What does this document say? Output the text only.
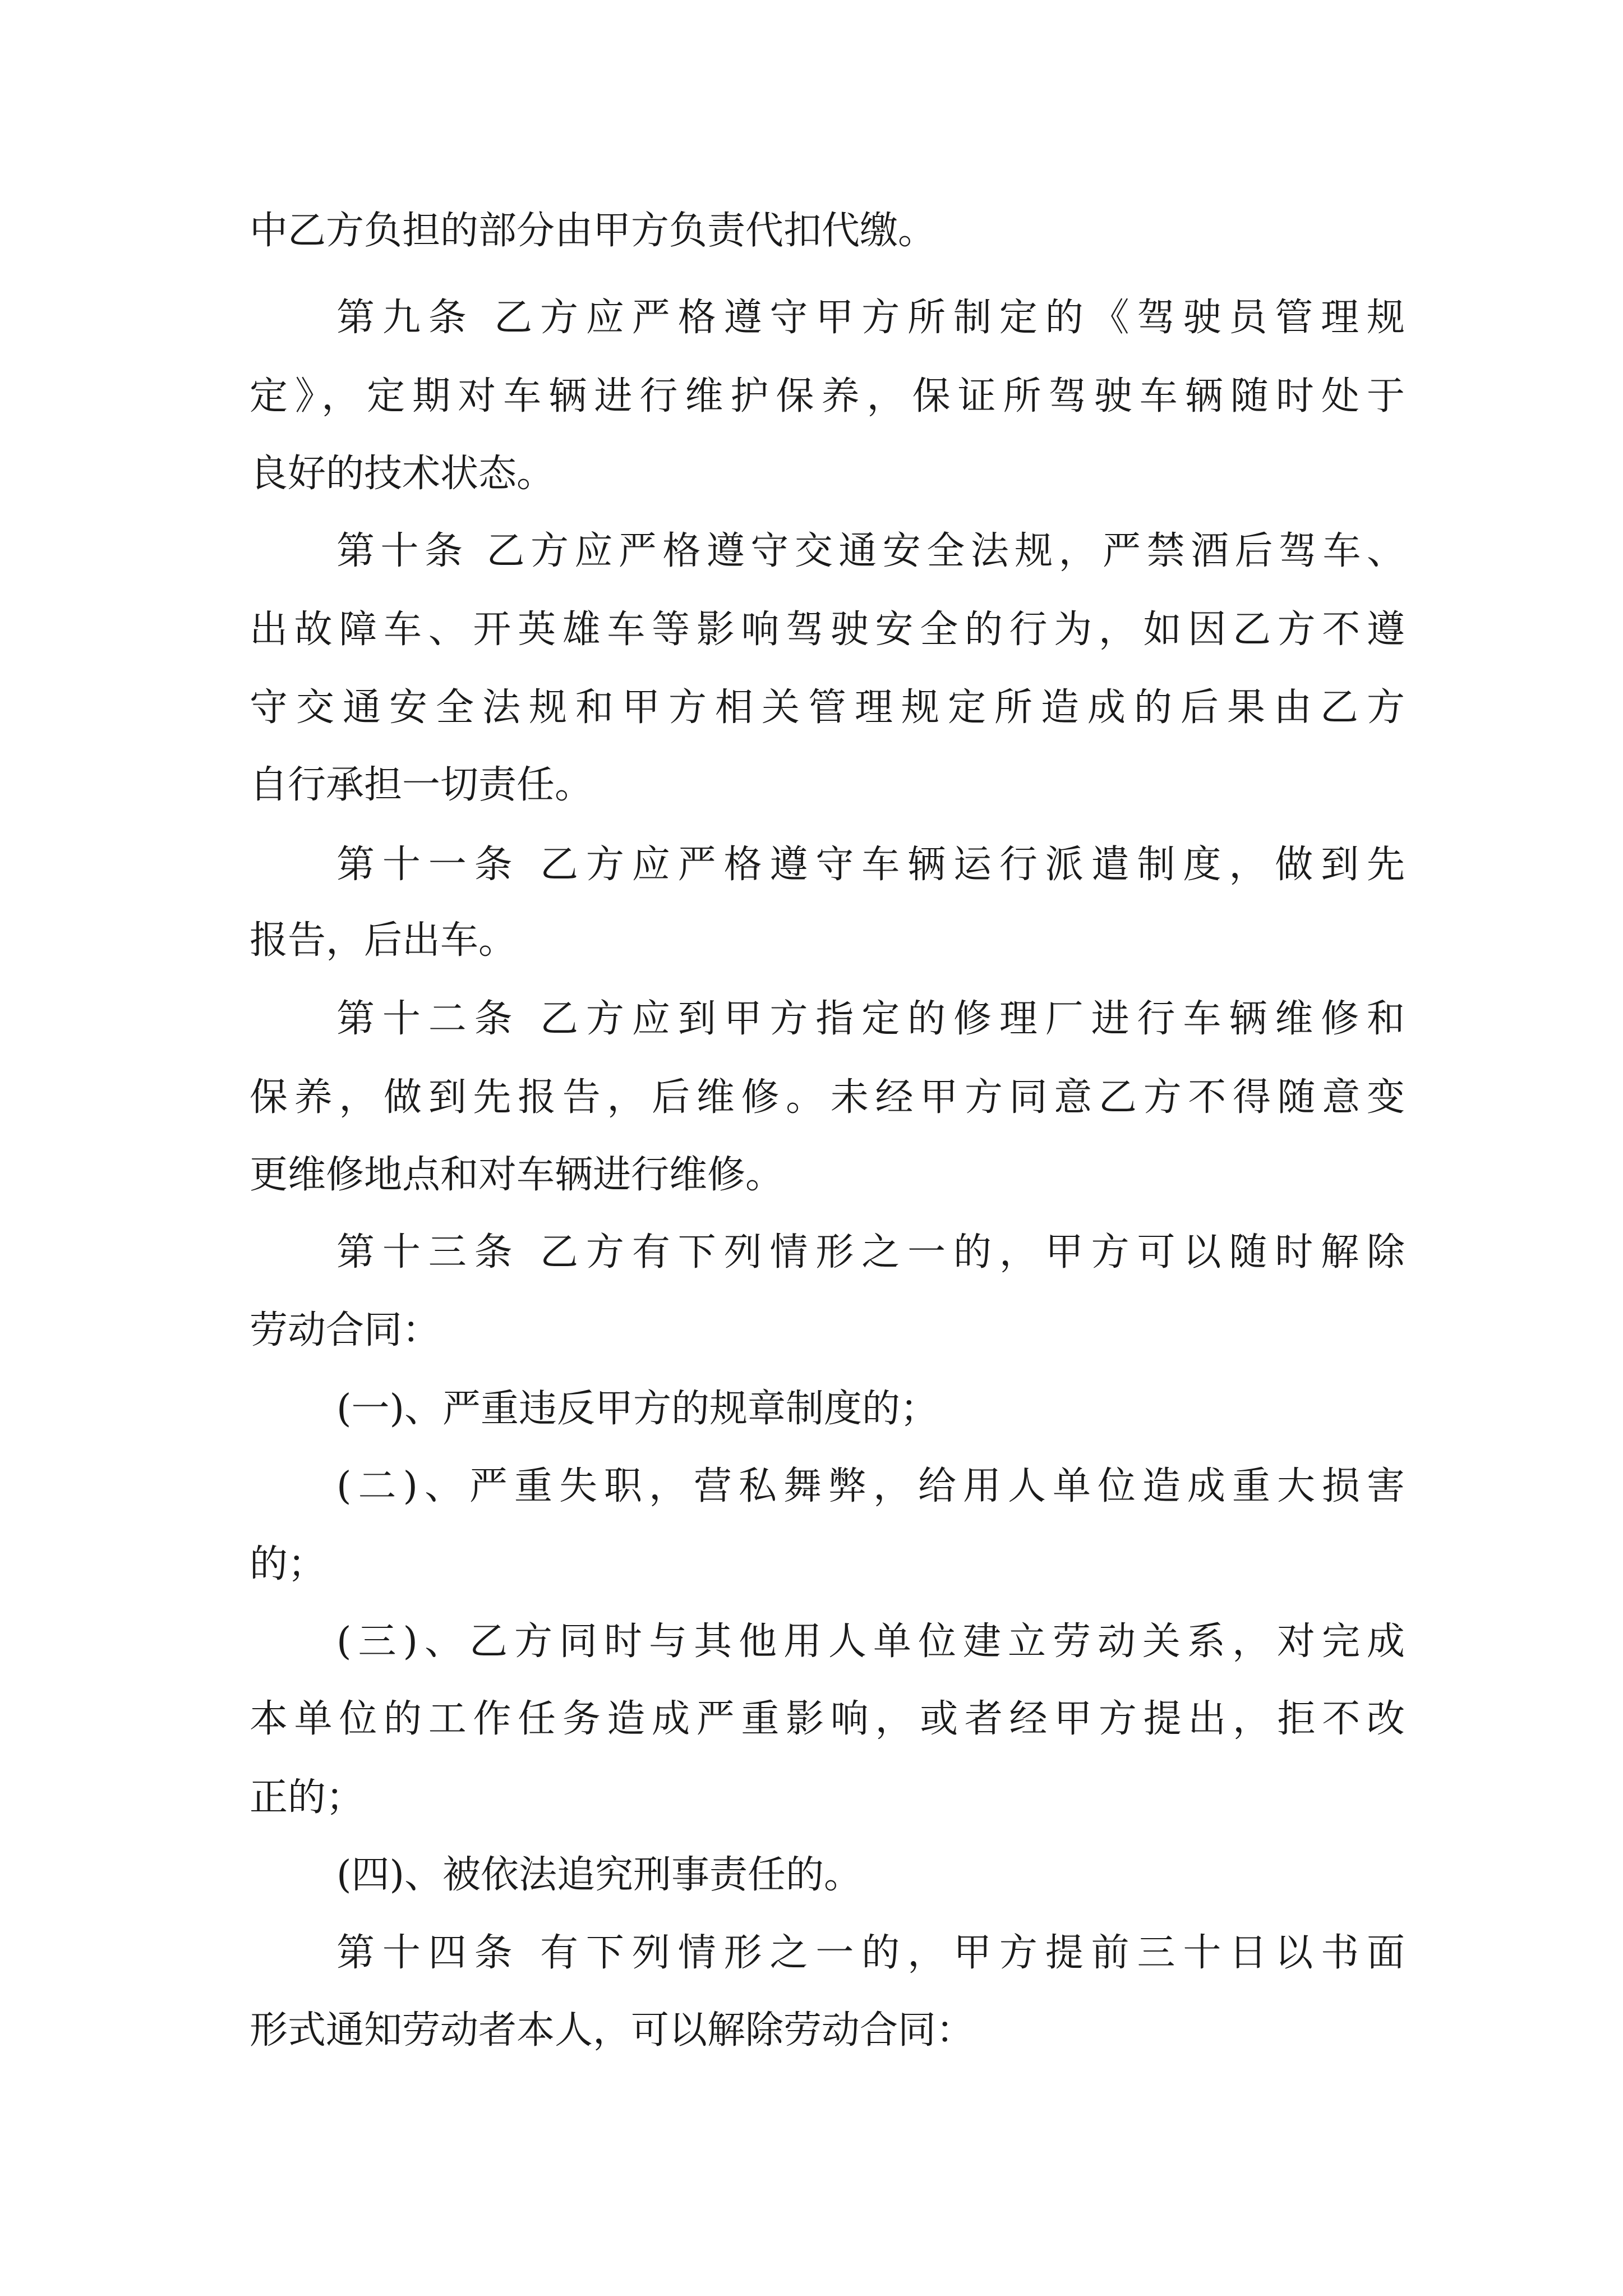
中乙方负担的部分由甲方负责代扣代缴。

第九条 乙方应严格遵守甲方所制定的《驾驶员管理规

定》，定期对车辆进行维护保养，保证所驾驶车辆随时处于

良好的技术状态。

第十条 乙方应严格遵守交通安全法规，严禁酒后驾车、

出故障车、开英雄车等影响驾驶安全的行为，如因乙方不遵

守交通安全法规和甲方相关管理规定所造成的后果由乙方

自行承担一切责任。

第十一条 乙方应严格遵守车辆运行派遣制度，做到先

报告，后出车。

第十二条 乙方应到甲方指定的修理厂进行车辆维修和

保养，做到先报告，后维修。未经甲方同意乙方不得随意变

更维修地点和对车辆进行维修。

第十三条 乙方有下列情形之一的，甲方可以随时解除

劳动合同：

(一)、严重违反甲方的规章制度的；

(二)、严重失职，营私舞弊，给用人单位造成重大损害

的；

(三)、乙方同时与其他用人单位建立劳动关系，对完成

本单位的工作任务造成严重影响，或者经甲方提出，拒不改

正的；

(四)、被依法追究刑事责任的。

第十四条 有下列情形之一的，甲方提前三十日以书面

形式通知劳动者本人，可以解除劳动合同：
